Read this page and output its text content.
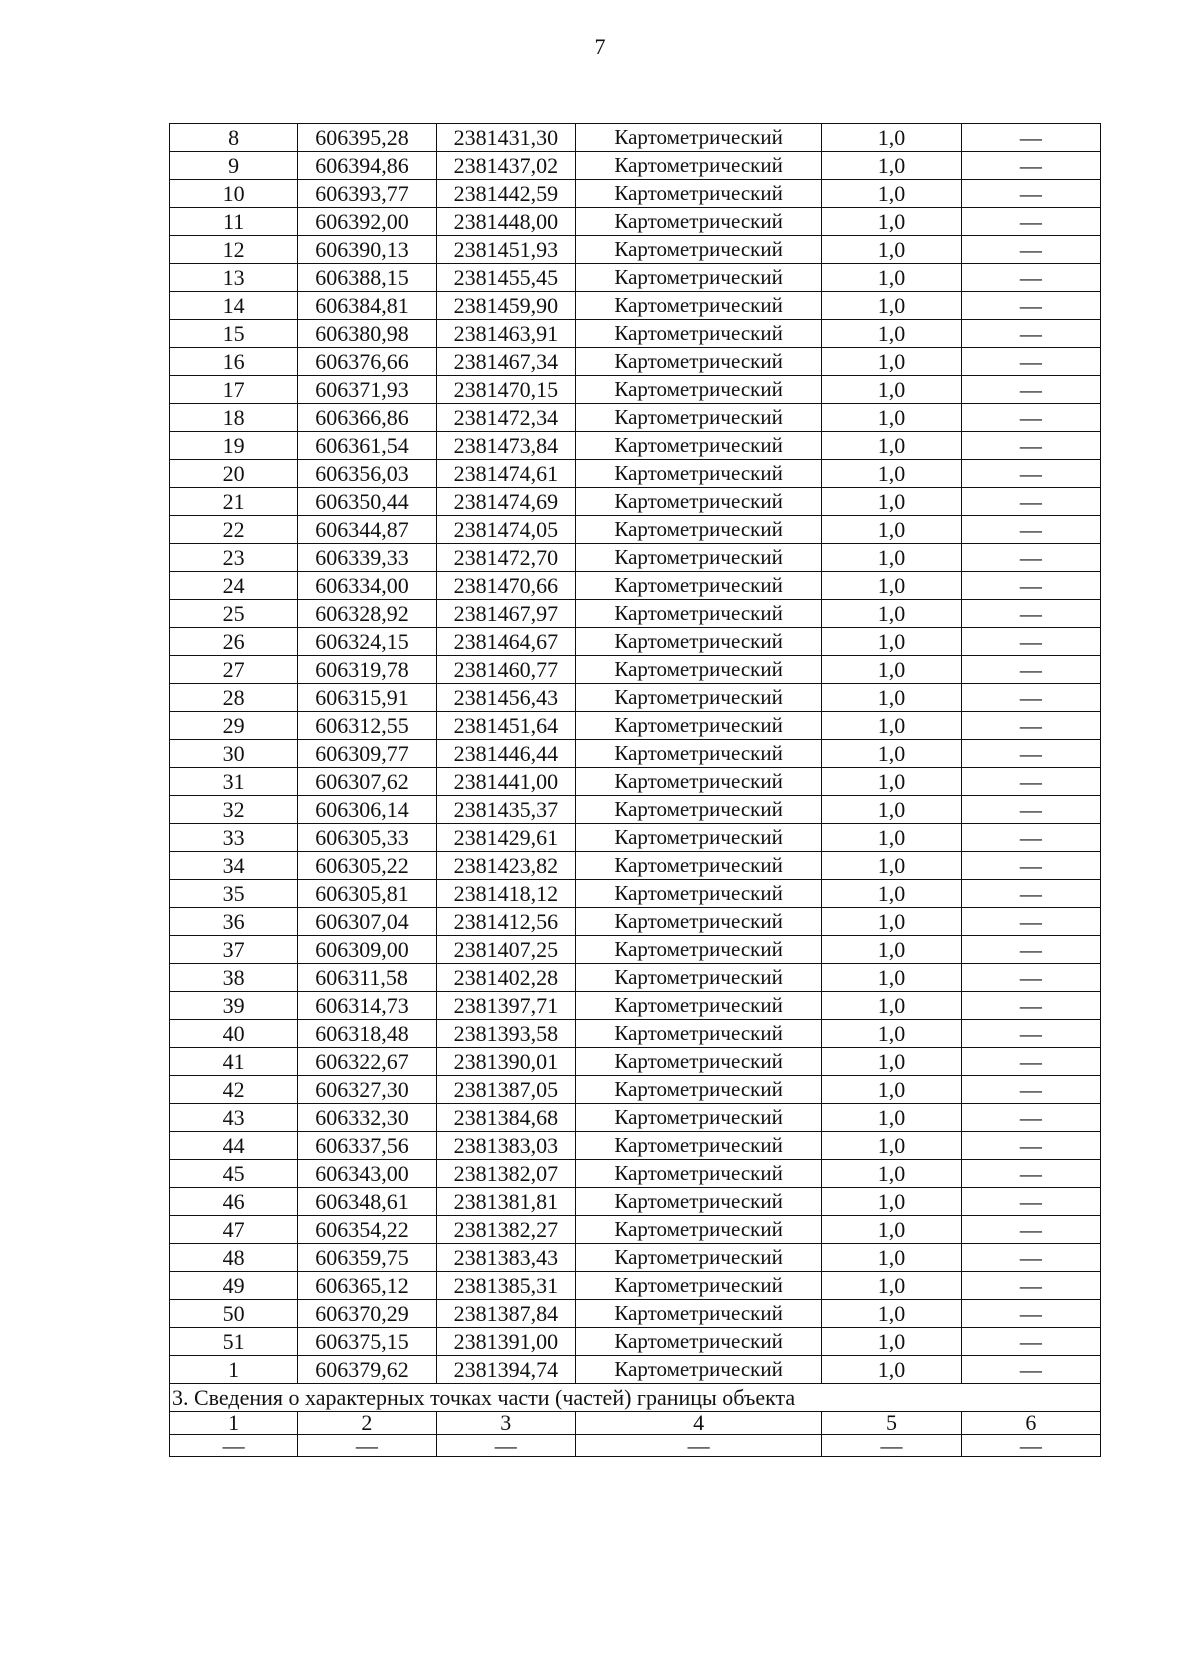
7
8	606395,28	2381431,30	Картометрический	1,0	—
9	606394,86	2381437,02	Картометрический	1,0	—
10	606393,77	2381442,59	Картометрический	1,0	—
11	606392,00	2381448,00	Картометрический	1,0	—
12	606390,13	2381451,93	Картометрический	1,0	—
13	606388,15	2381455,45	Картометрический	1,0	—
14	606384,81	2381459,90	Картометрический	1,0	—
15	606380,98	2381463,91	Картометрический	1,0	—
16	606376,66	2381467,34	Картометрический	1,0	—
17	606371,93	2381470,15	Картометрический	1,0	—
18	606366,86	2381472,34	Картометрический	1,0	—
19	606361,54	2381473,84	Картометрический	1,0	—
20	606356,03	2381474,61	Картометрический	1,0	—
21	606350,44	2381474,69	Картометрический	1,0	—
22	606344,87	2381474,05	Картометрический	1,0	—
23	606339,33	2381472,70	Картометрический	1,0	—
24	606334,00	2381470,66	Картометрический	1,0	—
25	606328,92	2381467,97	Картометрический	1,0	—
26	606324,15	2381464,67	Картометрический	1,0	—
27	606319,78	2381460,77	Картометрический	1,0	—
28	606315,91	2381456,43	Картометрический	1,0	—
29	606312,55	2381451,64	Картометрический	1,0	—
30	606309,77	2381446,44	Картометрический	1,0	—
31	606307,62	2381441,00	Картометрический	1,0	—
32	606306,14	2381435,37	Картометрический	1,0	—
33	606305,33	2381429,61	Картометрический	1,0	—
34	606305,22	2381423,82	Картометрический	1,0	—
35	606305,81	2381418,12	Картометрический	1,0	—
36	606307,04	2381412,56	Картометрический	1,0	—
37	606309,00	2381407,25	Картометрический	1,0	—
38	606311,58	2381402,28	Картометрический	1,0	—
39	606314,73	2381397,71	Картометрический	1,0	—
40	606318,48	2381393,58	Картометрический	1,0	—
41	606322,67	2381390,01	Картометрический	1,0	—
42	606327,30	2381387,05	Картометрический	1,0	—
43	606332,30	2381384,68	Картометрический	1,0	—
44	606337,56	2381383,03	Картометрический	1,0	—
45	606343,00	2381382,07	Картометрический	1,0	—
46	606348,61	2381381,81	Картометрический	1,0	—
47	606354,22	2381382,27	Картометрический	1,0	—
48	606359,75	2381383,43	Картометрический	1,0	—
49	606365,12	2381385,31	Картометрический	1,0	—
50	606370,29	2381387,84	Картометрический	1,0	—
51	606375,15	2381391,00	Картометрический	1,0	—
1	606379,62	2381394,74	Картометрический	1,0	—
3. Сведения о характерных точках части (частей) границы объекта					
1	2	3	4	5	6
—	—	—	—	—	—
